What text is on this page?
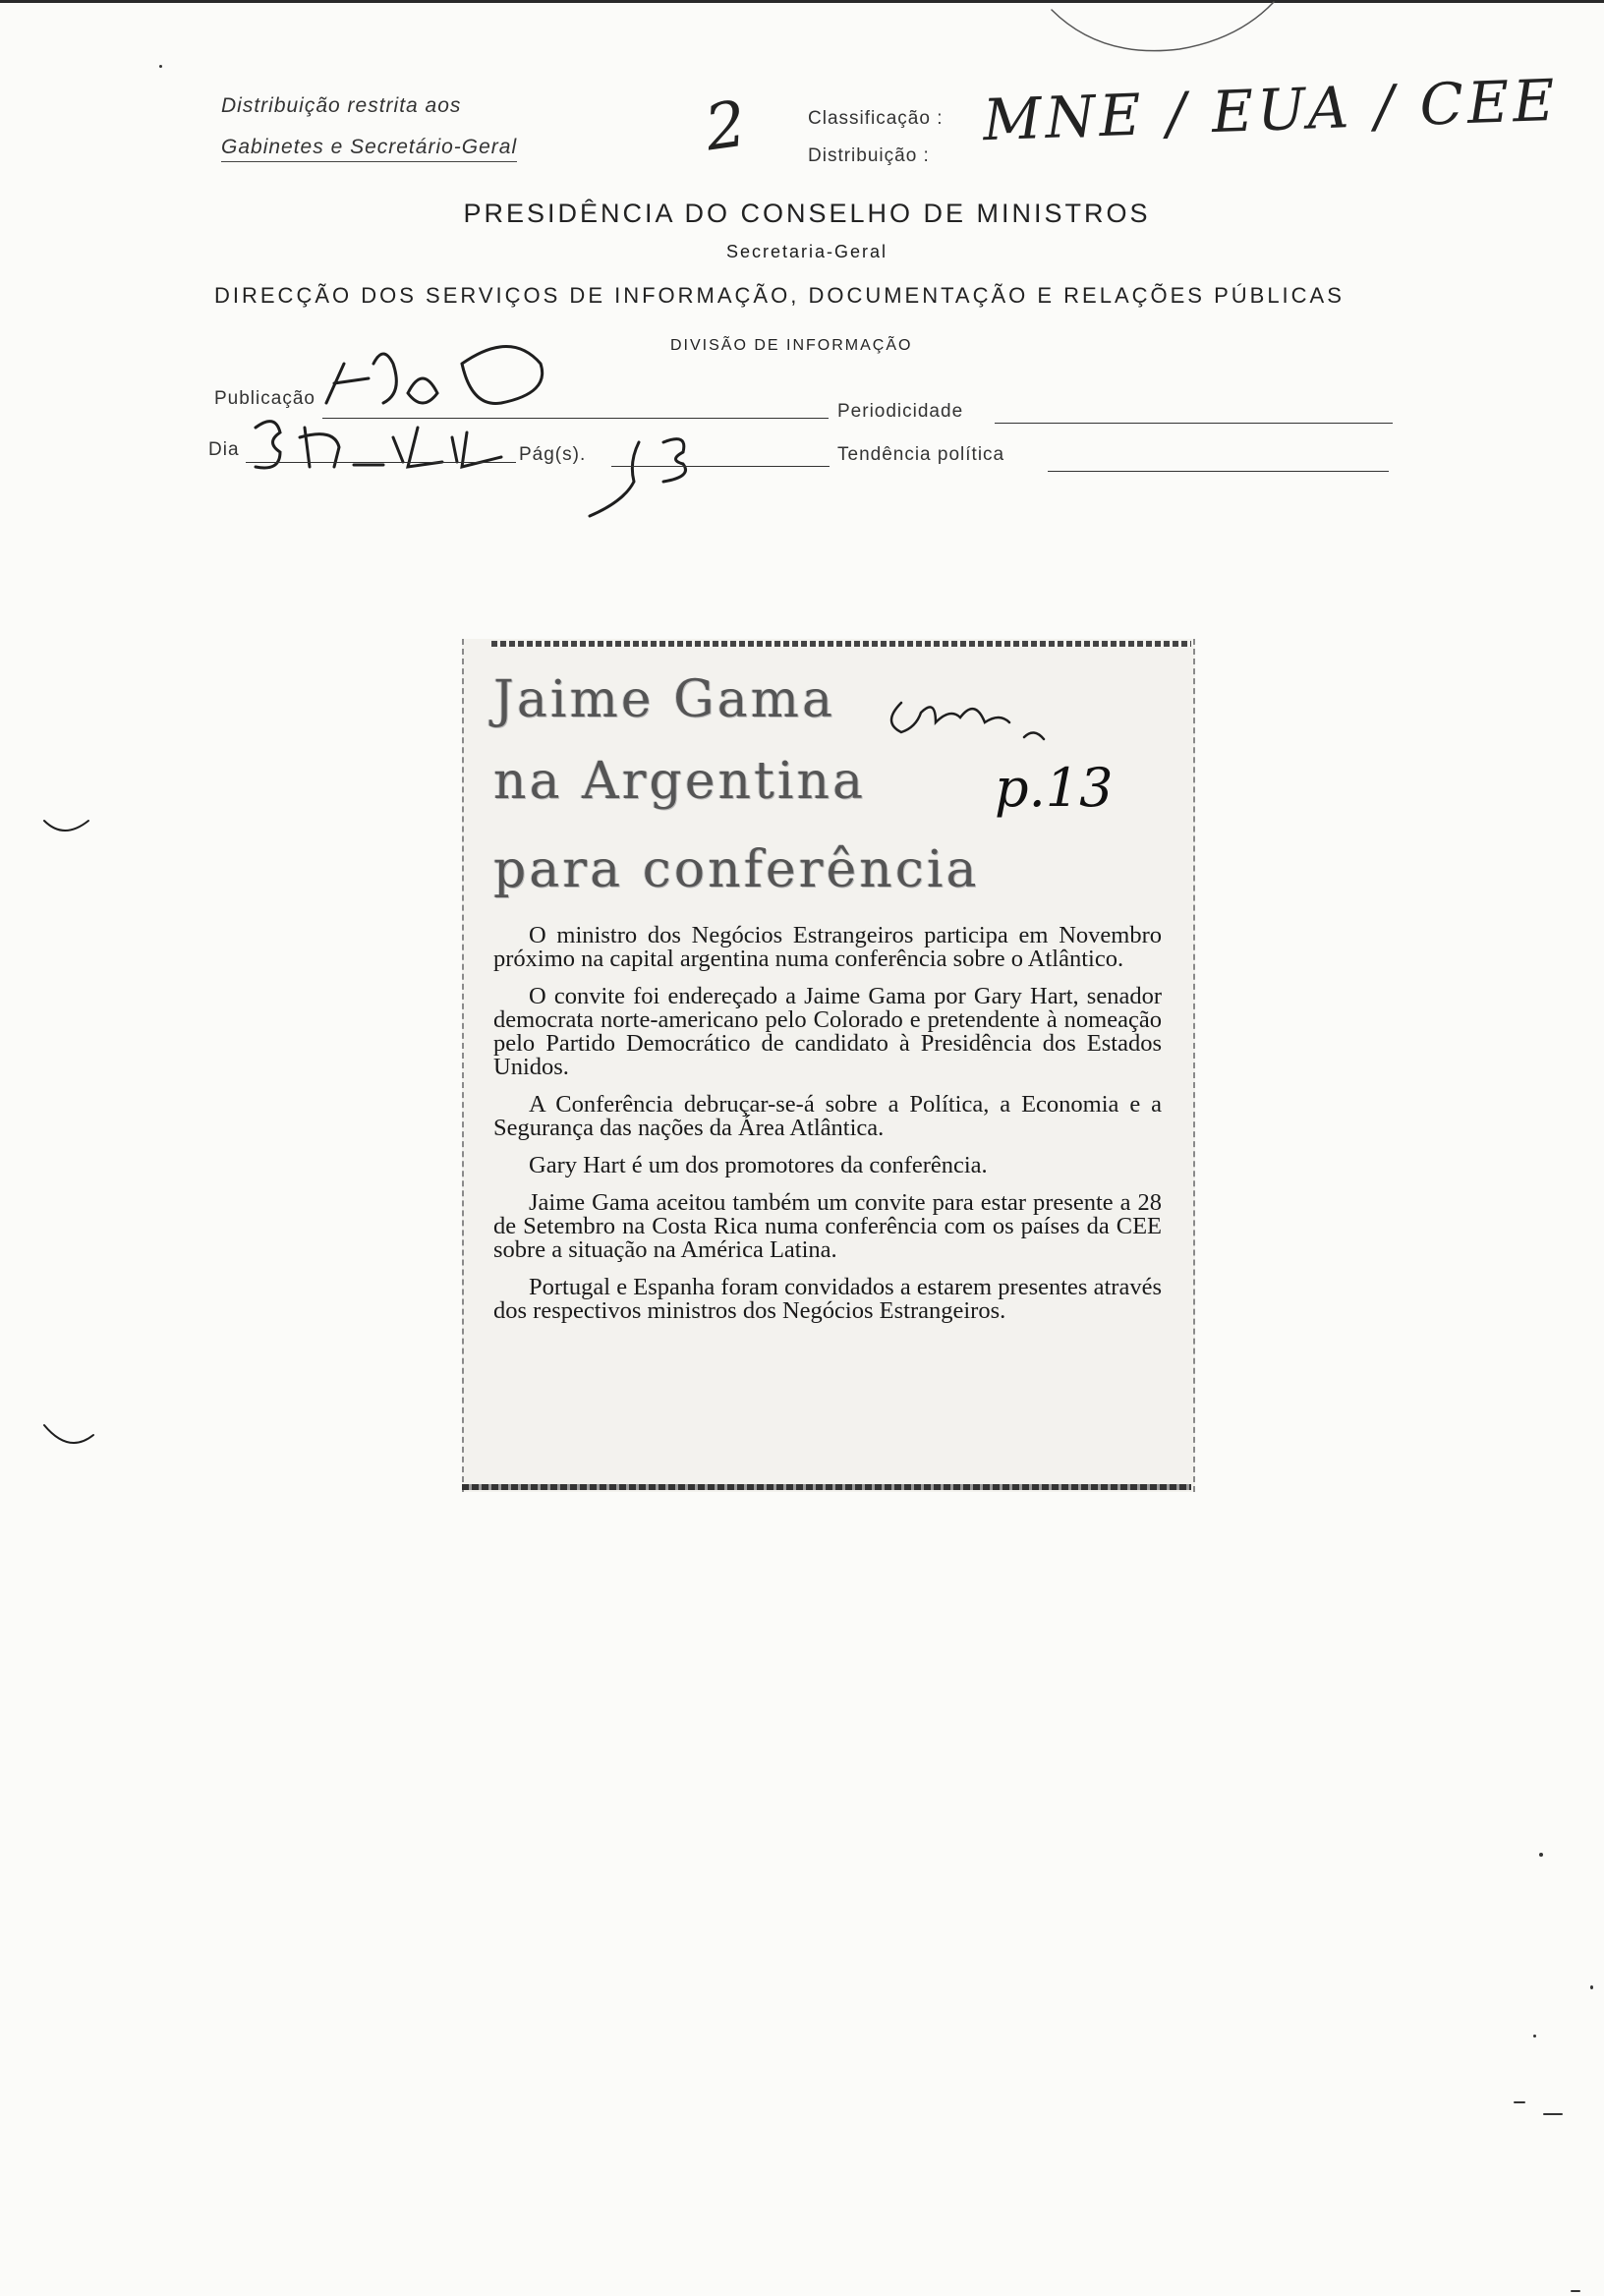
Distribuição restrita aos
Gabinetes e Secretário-Geral	2	Classificação : MNE / EUA / CEE
Distribuição :
PRESIDÊNCIA DO CONSELHO DE MINISTROS
Secretaria-Geral
DIRECÇÃO DOS SERVIÇOS DE INFORMAÇÃO, DOCUMENTAÇÃO E RELAÇÕES PÚBLICAS
DIVISÃO DE INFORMAÇÃO
Publicação
Periodicidade
Dia	Pág(s).	Tendência política
Jaime Gama
na Argentina
para conferência
p.13

O ministro dos Negócios Estrangeiros participa em Novembro próximo na capital argentina numa conferência sobre o Atlântico.

O convite foi endereçado a Jaime Gama por Gary Hart, senador democrata norte-americano pelo Colorado e pretendente à nomeação pelo Partido Democrático de candidato à Presidência dos Estados Unidos.

A Conferência debruçar-se-á sobre a Política, a Economia e a Segurança das nações da Área Atlântica.

Gary Hart é um dos promotores da conferência.

Jaime Gama aceitou também um convite para estar presente a 28 de Setembro na Costa Rica numa conferência com os países da CEE sobre a situação na América Latina.

Portugal e Espanha foram convidados a estarem presentes através dos respectivos ministros dos Negócios Estrangeiros.
